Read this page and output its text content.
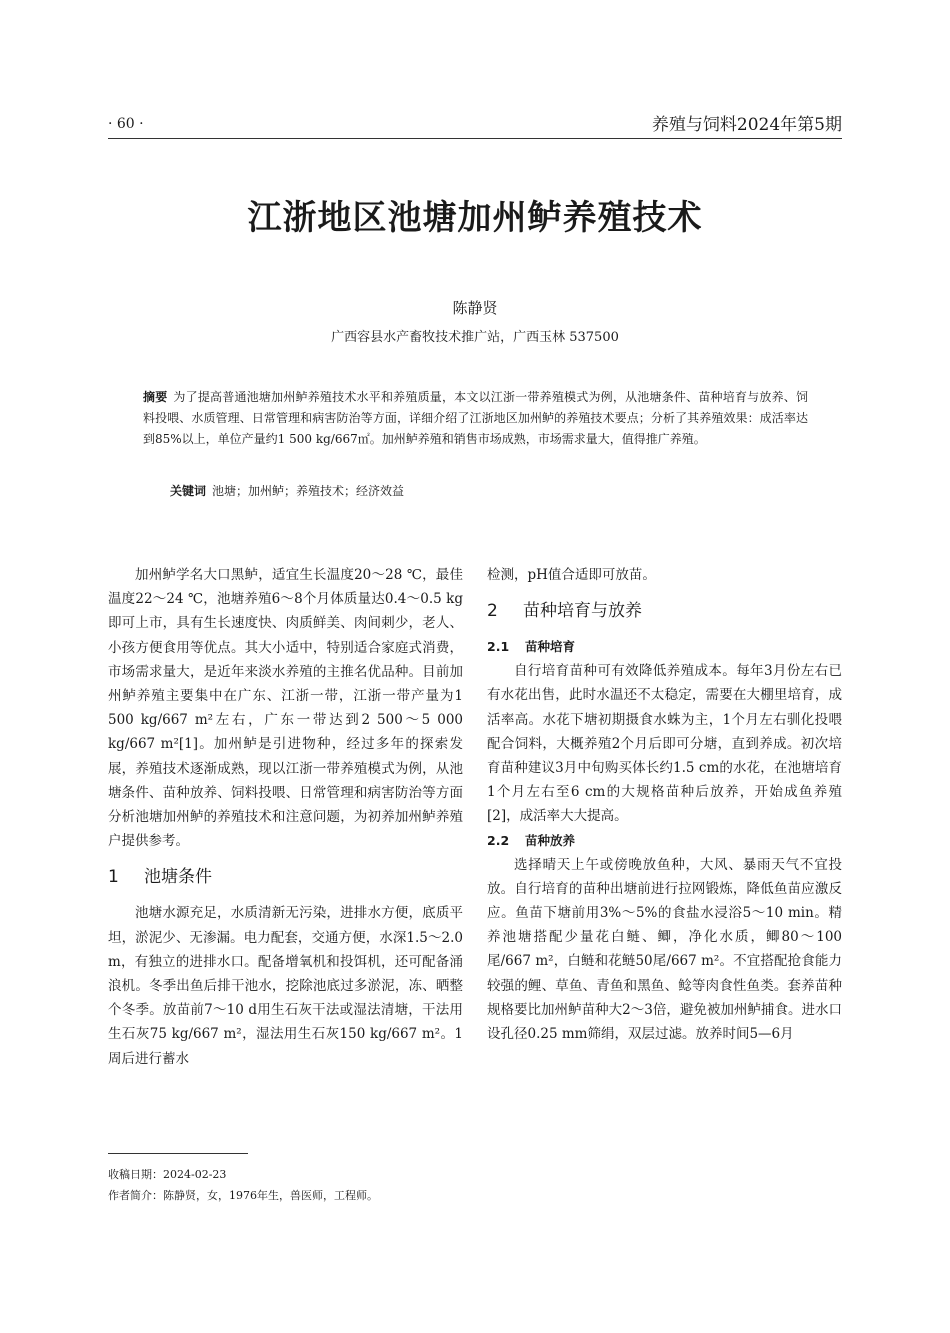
· 60 ·	养殖与饲料2024年第5期
江浙地区池塘加州鲈养殖技术
陈静贤
广西容县水产畜牧技术推广站，广西玉林 537500
摘要 为了提高普通池塘加州鲈养殖技术水平和养殖质量，本文以江浙一带养殖模式为例，从池塘条件、苗种培育与放养、饲料投喂、水质管理、日常管理和病害防治等方面，详细介绍了江浙地区加州鲈的养殖技术要点；分析了其养殖效果：成活率达到85%以上，单位产量约1 500 kg/667㎡。加州鲈养殖和销售市场成熟，市场需求量大，值得推广养殖。
关键词 池塘；加州鲈；养殖技术；经济效益

加州鲈学名大口黑鲈，适宜生长温度20～28 ℃，最佳温度22～24 ℃，池塘养殖6～8个月体质量达0.4～0.5 kg即可上市，具有生长速度快、肉质鲜美、肉间刺少，老人、小孩方便食用等优点。其大小适中，特别适合家庭式消费，市场需求量大，是近年来淡水养殖的主推名优品种。目前加州鲈养殖主要集中在广东、江浙一带，江浙一带产量为1 500 kg/667 m²左右，广东一带达到2 500～5 000 kg/667 m²[1]。加州鲈是引进物种，经过多年的探索发展，养殖技术逐渐成熟，现以江浙一带养殖模式为例，从池塘条件、苗种放养、饲料投喂、日常管理和病害防治等方面分析池塘加州鲈的养殖技术和注意问题，为初养加州鲈养殖户提供参考。

1 池塘条件

池塘水源充足，水质清新无污染，进排水方便，底质平坦，淤泥少、无渗漏。电力配套，交通方便，水深1.5～2.0 m，有独立的进排水口。配备增氧机和投饵机，还可配备涌浪机。冬季出鱼后排干池水，挖除池底过多淤泥，冻、晒整个冬季。放苗前7～10 d用生石灰干法或湿法清塘，干法用生石灰75 kg/667 m²，湿法用生石灰150 kg/667 m²。1周后进行蓄水

检测，pH值合适即可放苗。

2 苗种培育与放养
2.1 苗种培育

自行培育苗种可有效降低养殖成本。每年3月份左右已有水花出售，此时水温还不太稳定，需要在大棚里培育，成活率高。水花下塘初期摄食水蛛为主，1个月左右驯化投喂配合饲料，大概养殖2个月后即可分塘，直到养成。初次培育苗种建议3月中旬购买体长约1.5 cm的水花，在池塘培育1个月左右至6 cm的大规格苗种后放养，开始成鱼养殖[2]，成活率大大提高。

2.2 苗种放养

选择晴天上午或傍晚放鱼种，大风、暴雨天气不宜投放。自行培育的苗种出塘前进行拉网锻炼，降低鱼苗应激反应。鱼苗下塘前用3%～5%的食盐水浸浴5～10 min。精养池塘搭配少量花白鲢、鲫，净化水质，鲫80～100尾/667 m²，白鲢和花鲢50尾/667 m²。不宜搭配抢食能力较强的鲤、草鱼、青鱼和黑鱼、鲶等肉食性鱼类。套养苗种规格要比加州鲈苗种大2～3倍，避免被加州鲈捕食。进水口设孔径0.25 mm筛绢，双层过滤。放养时间5—6月

收稿日期：2024-02-23
作者简介：陈静贤，女，1976年生，兽医师，工程师。
